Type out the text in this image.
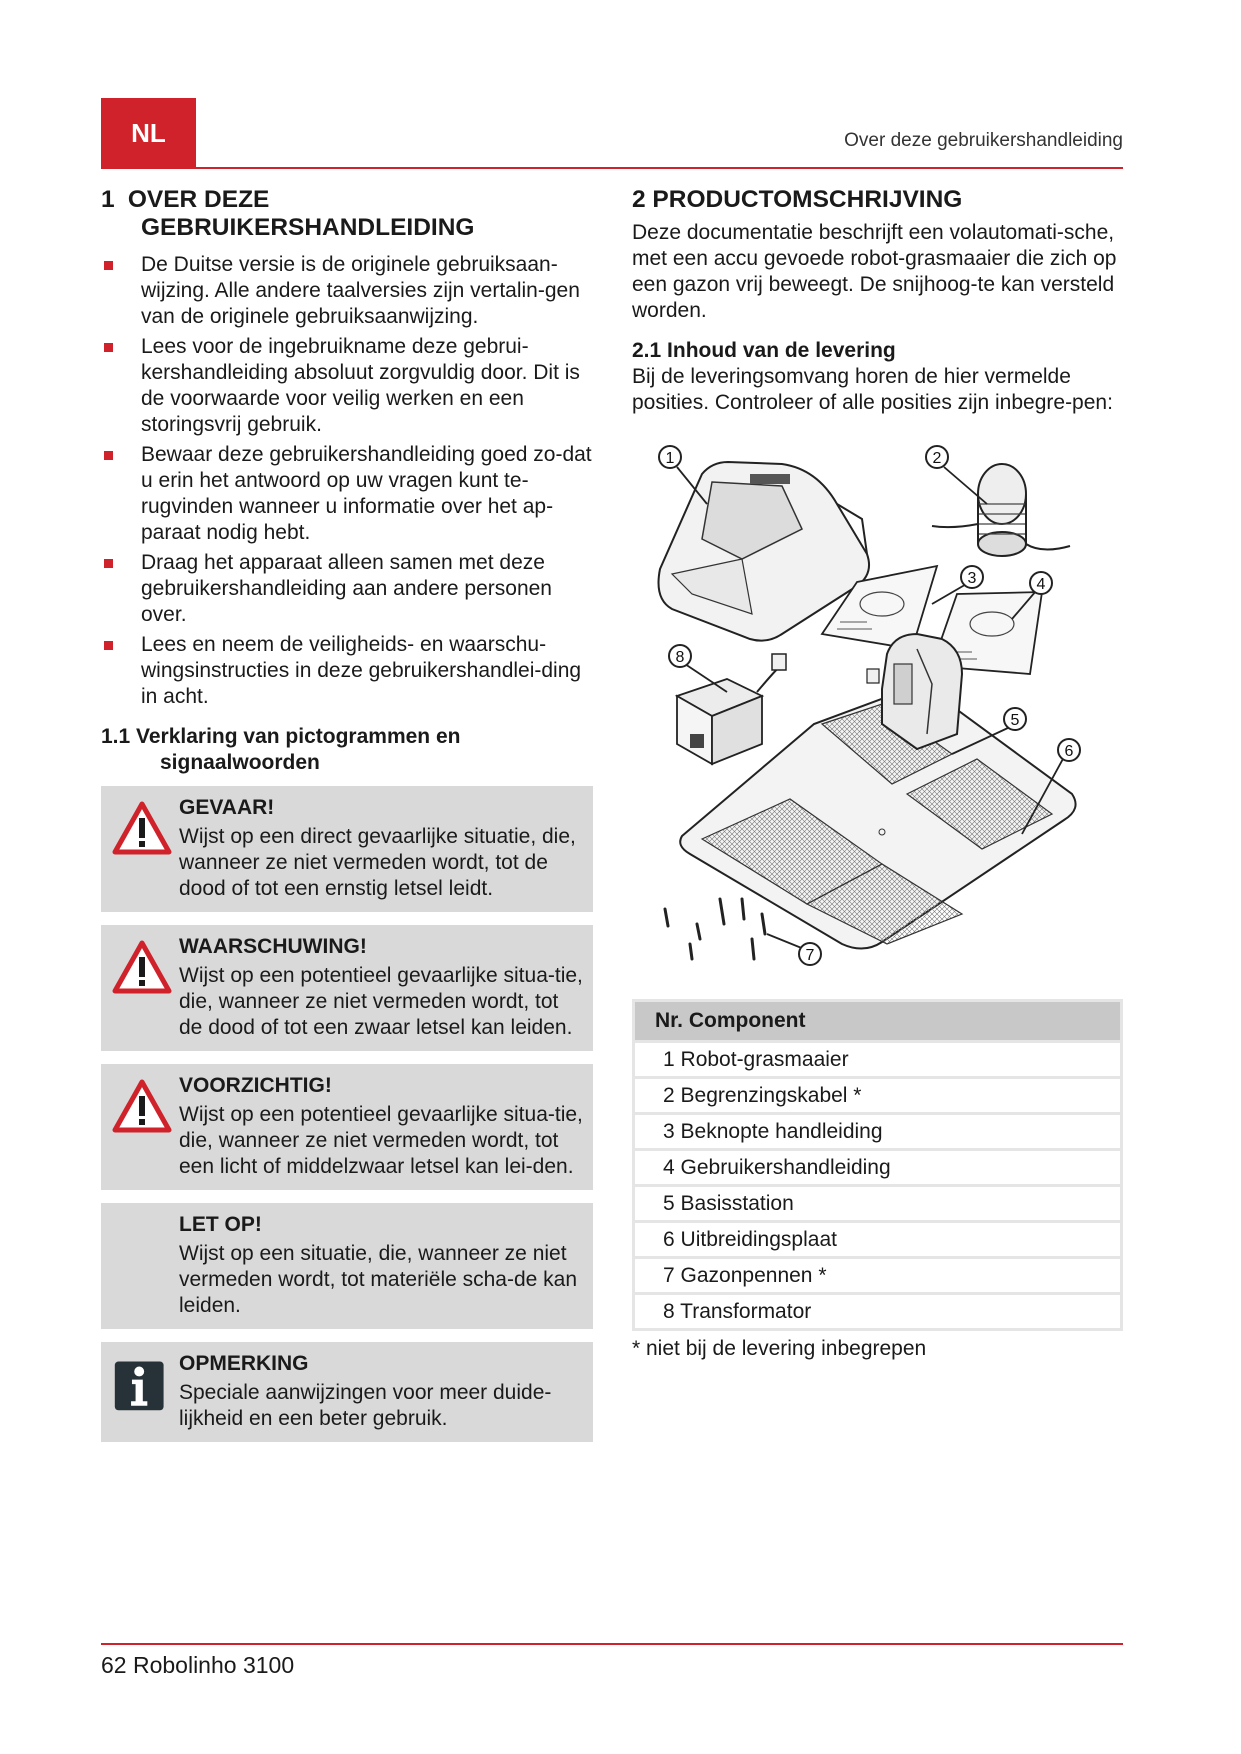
NL	Over deze gebruikershandleiding
1 OVER DEZE
GEBRUIKERSHANDLEIDING
De Duitse versie is de originele gebruiksaan-wijzing. Alle andere taalversies zijn vertalin-gen van de originele gebruiksaanwijzing.
Lees voor de ingebruikname deze gebrui-kershandleiding absoluut zorgvuldig door. Dit is de voorwaarde voor veilig werken en een storingsvrij gebruik.
Bewaar deze gebruikershandleiding goed zo-dat u erin het antwoord op uw vragen kunt te-rugvinden wanneer u informatie over het ap-paraat nodig hebt.
Draag het apparaat alleen samen met deze gebruikershandleiding aan andere personen over.
Lees en neem de veiligheids- en waarschu-wingsinstructies in deze gebruikershandlei-ding in acht.
1.1 Verklaring van pictogrammen en
signaalwoorden
GEVAAR!
Wijst op een direct gevaarlijke situatie, die, wanneer ze niet vermeden wordt, tot de dood of tot een ernstig letsel leidt.
WAARSCHUWING!
Wijst op een potentieel gevaarlijke situa-tie, die, wanneer ze niet vermeden wordt, tot de dood of tot een zwaar letsel kan leiden.
VOORZICHTIG!
Wijst op een potentieel gevaarlijke situa-tie, die, wanneer ze niet vermeden wordt, tot een licht of middelzwaar letsel kan lei-den.
LET OP!
Wijst op een situatie, die, wanneer ze niet vermeden wordt, tot materiële scha-de kan leiden.
OPMERKING
Speciale aanwijzingen voor meer duide-lijkheid en een beter gebruik.
2 PRODUCTOMSCHRIJVING

Deze documentatie beschrijft een volautomati-sche, met een accu gevoede robot-grasmaaier die zich op een gazon vrij beweegt. De snijhoog-te kan versteld worden.

2.1 Inhoud van de levering

Bij de leveringsomvang horen de hier vermelde posities. Controleer of alle posities zijn inbegre-pen:

1	2
3	4
5
6
7
8
Nr. Component
1 Robot-grasmaaier
2 Begrenzingskabel *
3 Beknopte handleiding
4 Gebruikershandleiding
5 Basisstation
6 Uitbreidingsplaat
7 Gazonpennen *
8 Transformator
* niet bij de levering inbegrepen
62 Robolinho 3100
